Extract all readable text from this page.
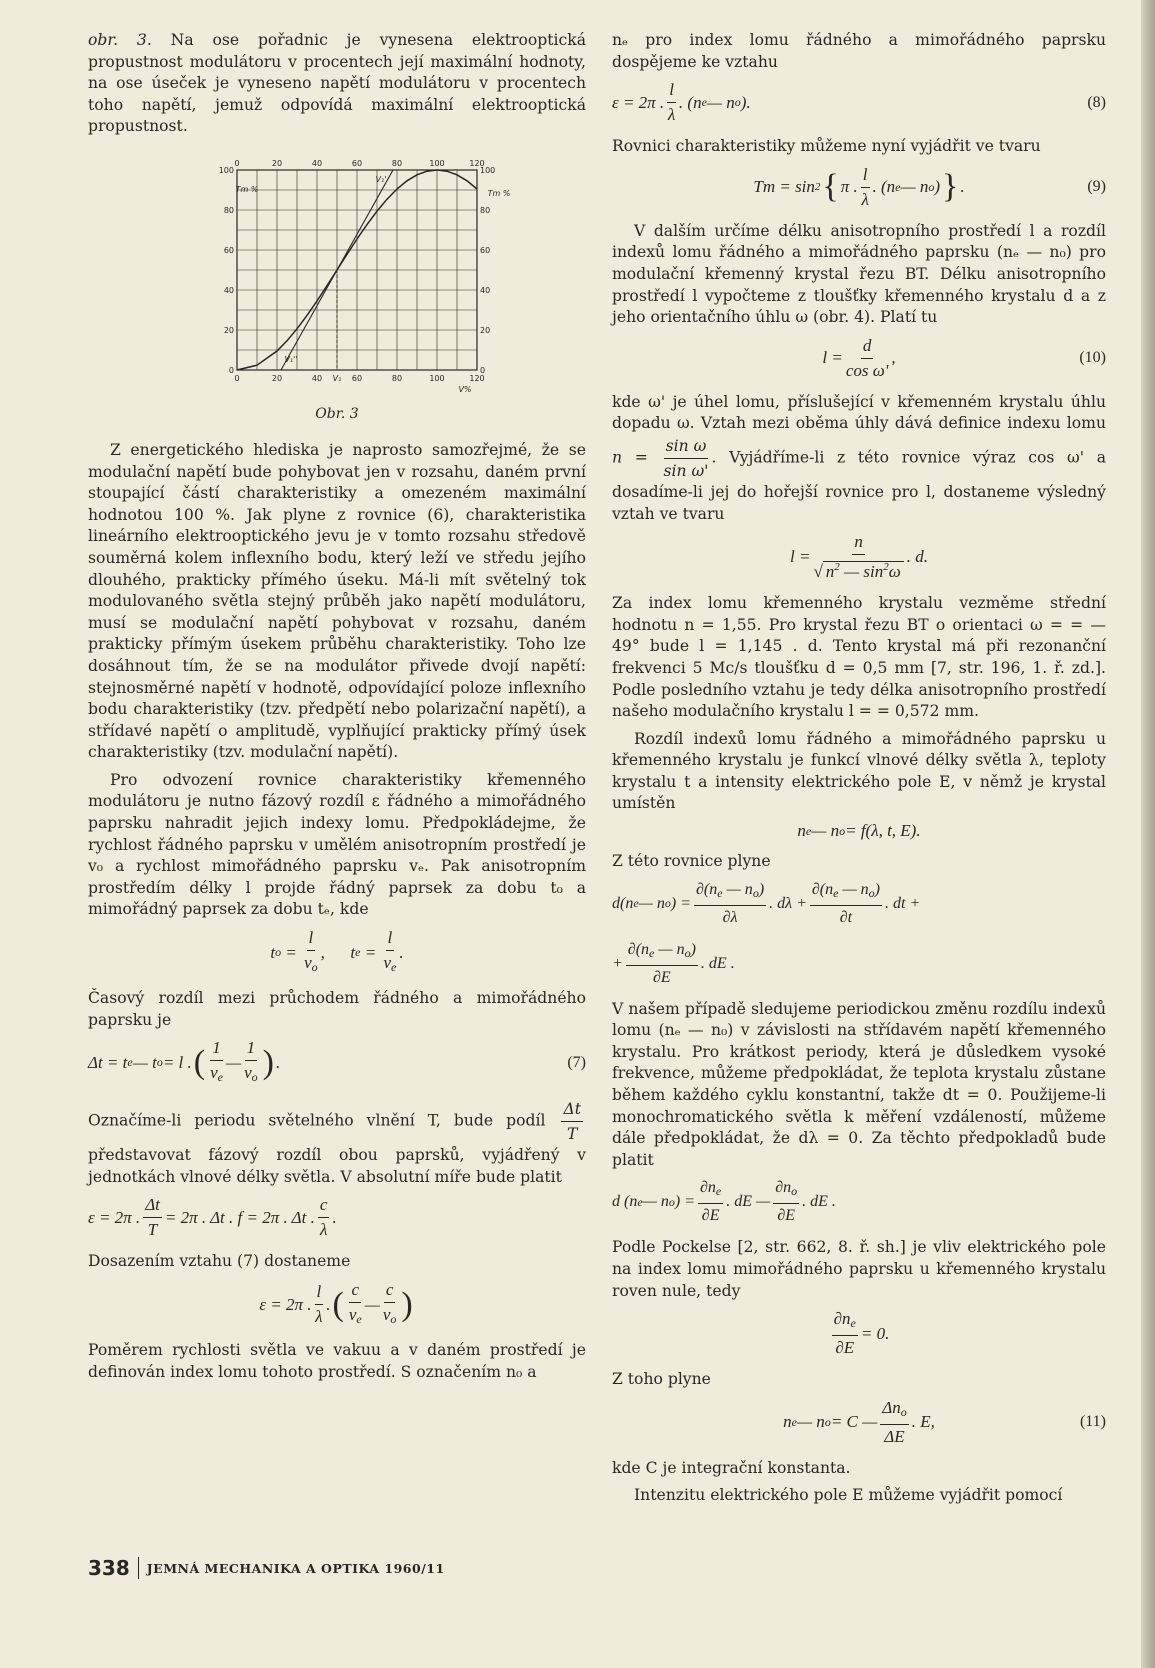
obr. 3. Na ose pořadnic je vynesena elektrooptická propustnost modulátoru v procentech její maximální hodnoty, na ose úseček je vyneseno napětí modulátoru v procentech toho napětí, jemuž odpovídá maximální elektrooptická propustnost.

0	0
20	20
40	40
60	60
80	80
100	100
0	20	40	60	80	100	120
0	20	40 V₁ 60	80	100	120
Tm %	Tm %
V%
V₁'
V₁''
Obr. 3

Z energetického hlediska je naprosto samozřejmé, že se modulační napětí bude pohybovat jen v rozsahu, daném první stoupající částí charakteristiky a omezeném maximální hodnotou 100 %. Jak plyne z rovnice (6), charakteristika lineárního elektrooptického jevu je v tomto rozsahu středově souměrná kolem inflexního bodu, který leží ve středu jejího dlouhého, prakticky přímého úseku. Má-li mít světelný tok modulovaného světla stejný průběh jako napětí modulátoru, musí se modulační napětí pohybovat v rozsahu, daném prakticky přímým úsekem průběhu charakteristiky. Toho lze dosáhnout tím, že se na modulátor přivede dvojí napětí: stejnosměrné napětí v hodnotě, odpovídající poloze inflexního bodu charakteristiky (tzv. předpětí nebo polarizační napětí), a střídavé napětí o amplitudě, vyplňující prakticky přímý úsek charakteristiky (tzv. modulační napětí).

Pro odvození rovnice charakteristiky křemenného modulátoru je nutno fázový rozdíl ε řádného a mimořádného paprsku nahradit jejich indexy lomu. Předpokládejme, že rychlost řádného paprsku v umělém anisotropním prostředí je v₀ a rychlost mimořádného paprsku vₑ. Pak anisotropním prostředím délky l projde řádný paprsek za dobu t₀ a mimořádný paprsek za dobu tₑ, kde

t $o = \frac{l}{v_o}$ ,      t $e = \frac{l}{v_e}$ .

Časový rozdíl mezi průchodem řádného a mimořádného paprsku je

Δt = t e — t o = l . ( $\frac{1}{v_e}$ — $\frac{1}{v_o}$ ) .	(7)

Označíme-li periodu světelného vlnění T, bude podíl $\frac{\Delta t}{T}$
představovat fázový rozdíl obou paprsků, vyjádřený v jednotkách vlnové délky světla. V absolutní míře bude platit

ε = 2π . $\frac{\Delta t}{T} = 2\pi$ . Δt . f = 2π . Δt . $\frac{c}{\lambda}$ .

Dosazením vztahu (7) dostaneme

ε = 2π . $\frac{l}{\lambda}$ . ( $\frac{c}{v_e}$ — $\frac{c}{v_o}$ )

Poměrem rychlosti světla ve vakuu a v daném prostředí je definován index lomu tohoto prostředí. S označením n₀ a

nₑ pro index lomu řádného a mimořádného paprsku dospějeme ke vztahu

ε = 2π . $\frac{l}{\lambda}$ . (n e — n o ).	(8)

Rovnici charakteristiky můžeme nyní vyjádřit ve tvaru

Tm = sin 2 { π . $\frac{l}{\lambda}$ . (n e — n o ) } .	(9)

V dalším určíme délku anisotropního prostředí l a rozdíl indexů lomu řádného a mimořádného paprsku (nₑ — n₀) pro modulační křemenný krystal řezu BT. Délku anisotropního prostředí l vypočteme z tloušťky křemenného krystalu d a z jeho orientačního úhlu ω (obr. 4). Platí tu

$l = \frac{d}{\text{cos ω'}}$ ,	(10)

kde ω' je úhel lomu, příslušející v křemenném krystalu úhlu dopadu ω. Vztah mezi oběma úhly dává definice indexu lomu $n = \frac{\text{sin ω}}{\text{sin ω'}}$ . Vyjádříme-li z této rovnice výraz cos ω' a dosadíme-li jej do hořejší rovnice pro l, dostaneme výsledný vztah ve tvaru

$l = \frac{n}{√ n^2 — \sin^2\omega}$ . d.

Za index lomu křemenného krystalu vezměme střední hodnotu n = 1,55. Pro krystal řezu BT o orientaci ω = = — 49° bude l = 1,145 . d. Tento krystal má při rezonanční frekvenci 5 Mc/s tloušťku d = 0,5 mm [7, str. 196, 1. ř. zd.]. Podle posledního vztahu je tedy délka anisotropního prostředí našeho modulačního krystalu l = = 0,572 mm.

Rozdíl indexů lomu řádného a mimořádného paprsku u křemenného krystalu je funkcí vlnové délky světla λ, teploty krystalu t a intensity elektrického pole E, v němž je krystal umístěn

n e — n o = f(λ, t, E).

Z této rovnice plyne

d(n e — n o ) = $\frac{\partial(n_e — n_o)}{\partial\lambda}$ . $d\lambda + \frac{\partial(n_e — n_o)}{\partial t}$ . dt +
+ $\frac{\partial(n_e — n_o)}{\partial E}$ . dE .

V našem případě sledujeme periodickou změnu rozdílu indexů lomu (nₑ — n₀) v závislosti na střídavém napětí křemenného krystalu. Pro krátkost periody, která je důsledkem vysoké frekvence, můžeme předpokládat, že teplota krystalu zůstane během každého cyklu konstantní, takže dt = 0. Použijeme-li monochromatického světla k měření vzdáleností, můžeme dále předpokládat, že dλ = 0. Za těchto předpokladů bude platit

d (n e — n o ) = $\frac{\partial n_e}{\partial E}$ . dE — $\frac{\partial n_o}{\partial E}$ . dE .

Podle Pockelse [2, str. 662, 8. ř. sh.] je vliv elektrického pole na index lomu mimořádného paprsku u křemenného krystalu roven nule, tedy

$\frac{\partial n_e}{\partial E} = 0$.

Z toho plyne

n e — n o = C — $\frac{\Delta n_o}{\Delta E}$ . E,	(11)

kde C je integrační konstanta.

Intenzitu elektrického pole E můžeme vyjádřit pomocí

338 JEMNÁ MECHANIKA A OPTIKA 1960/11
